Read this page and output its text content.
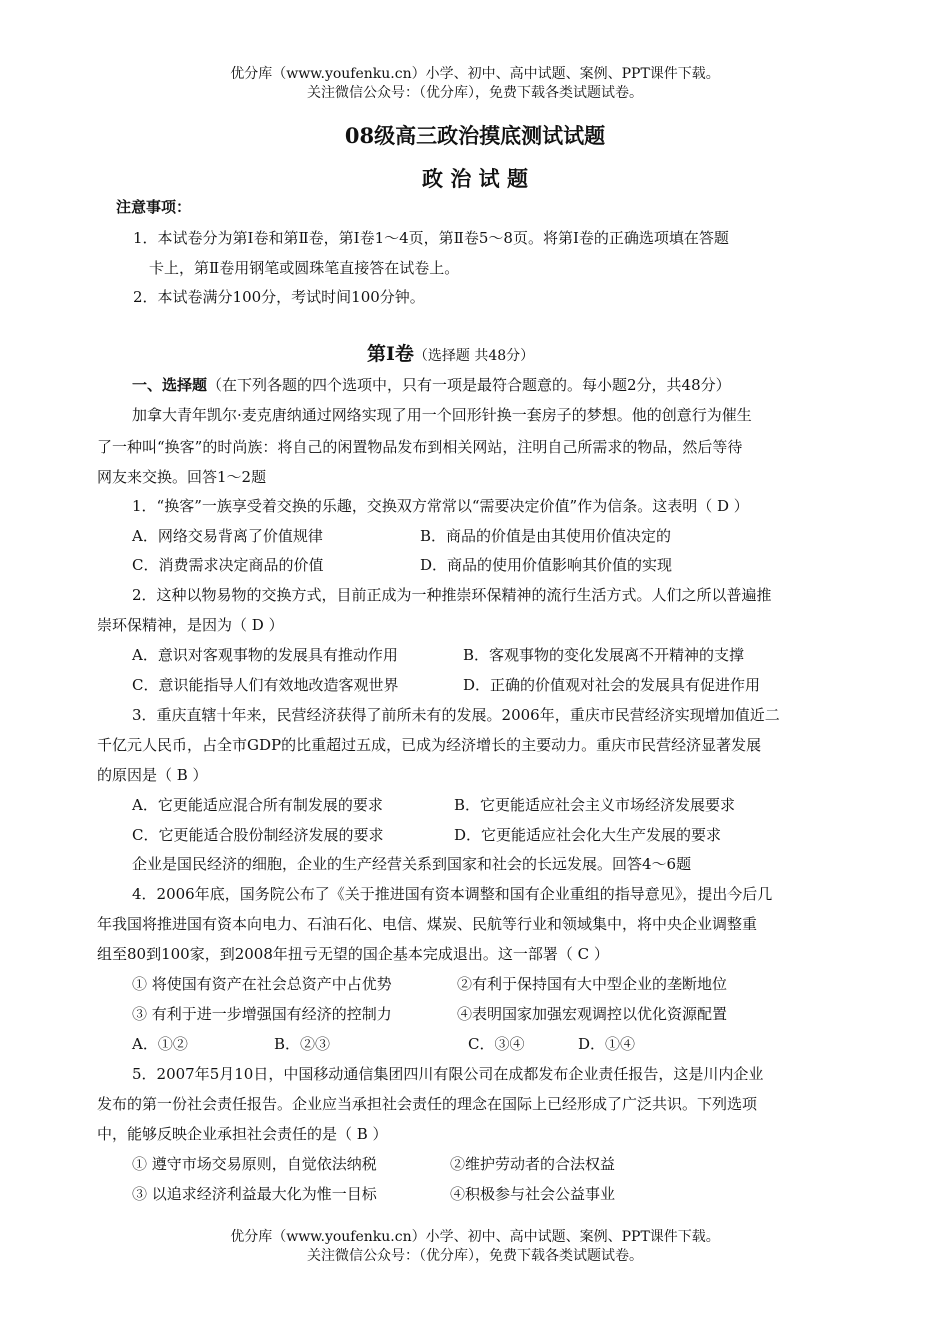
优分库（www.youfenku.cn）小学、初中、高中试题、案例、PPT课件下载。
关注微信公众号：（优分库），免费下载各类试题试卷。
08级高三政治摸底测试试题
政 治 试 题
注意事项：
1．本试卷分为第Ⅰ卷和第Ⅱ卷，第Ⅰ卷1～4页，第Ⅱ卷5～8页。将第Ⅰ卷的正确选项填在答题
卡上，第Ⅱ卷用钢笔或圆珠笔直接答在试卷上。
2．本试卷满分100分，考试时间100分钟。
第Ⅰ卷（选择题 共48分）
一、选择题（在下列各题的四个选项中，只有一项是最符合题意的。每小题2分，共48分）
加拿大青年凯尔·麦克唐纳通过网络实现了用一个回形针换一套房子的梦想。他的创意行为催生
了一种叫“换客”的时尚族：将自己的闲置物品发布到相关网站，注明自己所需求的物品，然后等待
网友来交换。回答1～2题
1．“换客”一族享受着交换的乐趣，交换双方常常以“需要决定价值”作为信条。这表明（ D ）
A．网络交易背离了价值规律	B．商品的价值是由其使用价值决定的
C．消费需求决定商品的价值	D．商品的使用价值影响其价值的实现
2．这种以物易物的交换方式，目前正成为一种推崇环保精神的流行生活方式。人们之所以普遍推
崇环保精神，是因为（ D ）
A．意识对客观事物的发展具有推动作用	B．客观事物的变化发展离不开精神的支撑
C．意识能指导人们有效地改造客观世界	D．正确的价值观对社会的发展具有促进作用
3．重庆直辖十年来，民营经济获得了前所未有的发展。2006年，重庆市民营经济实现增加值近二
千亿元人民币，占全市GDP的比重超过五成，已成为经济增长的主要动力。重庆市民营经济显著发展
的原因是（ B ）
A．它更能适应混合所有制发展的要求	B．它更能适应社会主义市场经济发展要求
C．它更能适合股份制经济发展的要求	D．它更能适应社会化大生产发展的要求
企业是国民经济的细胞，企业的生产经营关系到国家和社会的长远发展。回答4～6题
4．2006年底，国务院公布了《关于推进国有资本调整和国有企业重组的指导意见》，提出今后几
年我国将推进国有资本向电力、石油石化、电信、煤炭、民航等行业和领域集中，将中央企业调整重
组至80到100家，到2008年扭亏无望的国企基本完成退出。这一部署（ C ）
① 将使国有资产在社会总资产中占优势	②有利于保持国有大中型企业的垄断地位
③ 有利于进一步增强国有经济的控制力	④表明国家加强宏观调控以优化资源配置
A．①②	B．②③	C．③④	D．①④
5．2007年5月10日，中国移动通信集团四川有限公司在成都发布企业责任报告，这是川内企业
发布的第一份社会责任报告。企业应当承担社会责任的理念在国际上已经形成了广泛共识。下列选项
中，能够反映企业承担社会责任的是（ B ）
① 遵守市场交易原则，自觉依法纳税	②维护劳动者的合法权益
③ 以追求经济利益最大化为惟一目标	④积极参与社会公益事业
优分库（www.youfenku.cn）小学、初中、高中试题、案例、PPT课件下载。
关注微信公众号：（优分库），免费下载各类试题试卷。
